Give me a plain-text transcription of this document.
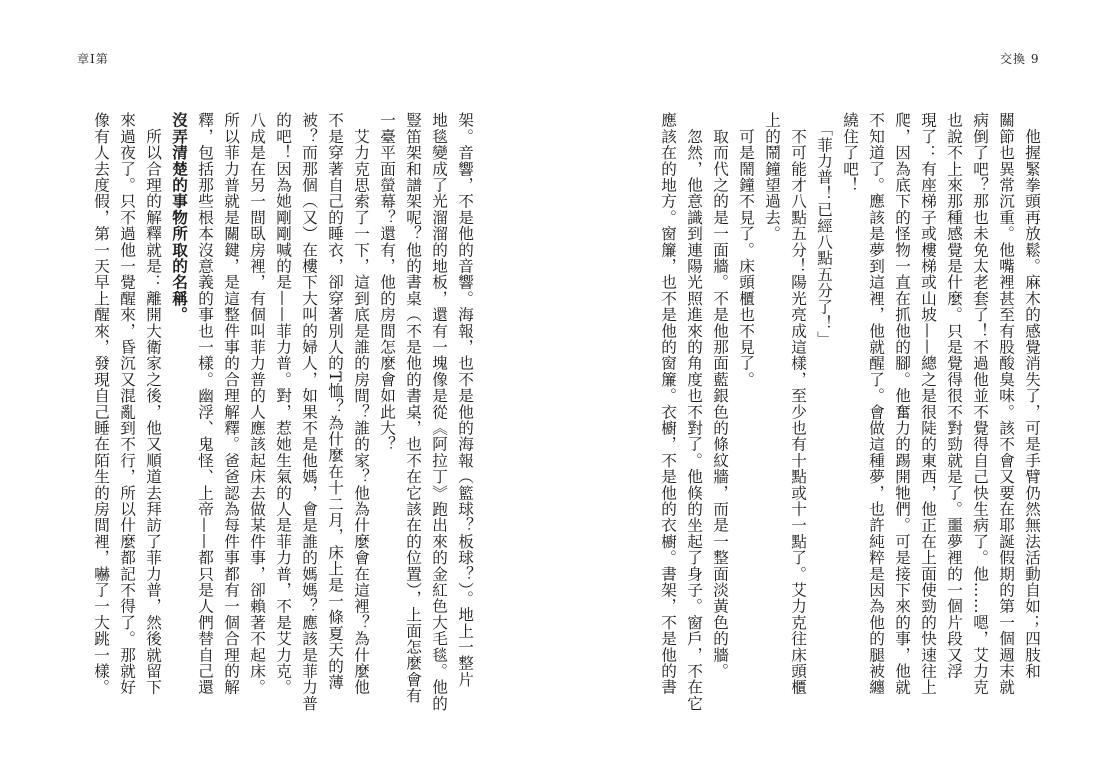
章I第
架。音響，不是他的音響。海報，也不是他的海報（籃球？板球？）。地上一整片
地毯變成了光溜溜的地板，還有一塊像是從《阿拉丁》跑出來的金紅色大毛毯。他的
豎笛架和譜架呢？他的書桌（不是他的書桌，也不在它該在的位置），上面怎麼會有
一臺平面螢幕？還有，他的房間怎麼會如此大？
　艾力克思索了一下，這到底是誰的房間？誰的家？他為什麼會在這裡？為什麼他
不是穿著自己的睡衣，卻穿著別人的T恤？為什麼在十二月，床上是一條夏天的薄
被？而那個（又）在樓下大叫的婦人，如果不是他媽，會是誰的媽媽？應該是菲力普
的吧！因為她剛剛喊的是——菲力普。對，惹她生氣的人是菲力普，不是艾力克。
八成是在另一間臥房裡，有個叫菲力普的人應該起床去做某件事，卻賴著不起床。
所以菲力普就是關鍵，是這整件事的合理解釋。爸爸認為每件事都有一個合理的解
釋，包括那些根本沒意義的事也一樣。幽浮、鬼怪、上帝——都只是人們替自己還
沒弄清楚的事物所取的名稱。
　所以合理的解釋就是：離開大衛家之後，他又順道去拜訪了菲力普，然後就留下
來過夜了。只不過他一覺醒來，昏沉又混亂到不行，所以什麼都記不得了。那就好
像有人去度假，第一天早上醒來，發現自己睡在陌生的房間裡，嚇了一大跳一樣。
交換 9
　他握緊拳頭再放鬆。麻木的感覺消失了，可是手臂仍然無法活動自如；四肢和
關節也異常沉重。他嘴裡甚至有股酸臭味。該不會又要在耶誕假期的第一個週末就
病倒了吧？那也未免太老套了！不過他並不覺得自己快生病了。他……嗯，艾力克
也說不上來那種感覺是什麼。只是覺得很不對勁就是了。噩夢裡的一個片段又浮
現了：有座梯子或樓梯或山坡——總之是很陡的東西，他正在上面使勁的快速往上
爬，因為底下的怪物一直在抓他的腳。他奮力的踢開牠們。可是接下來的事，他就
不知道了。應該是夢到這裡，他就醒了。會做這種夢，也許純粹是因為他的腿被纏
繞住了吧！
　「菲力普！已經八點五分了！」
　不可能才八點五分！陽光亮成這樣，至少也有十點或十一點了。艾力克往床頭櫃
上的鬧鐘望過去。
　可是鬧鐘不見了。床頭櫃也不見了。
　取而代之的是一面牆。不是他那面藍銀色的條紋牆，而是一整面淡黃色的牆。
　忽然，他意識到連陽光照進來的角度也不對了。他倏的坐起了身子。窗戶，不在它
應該在的地方。窗簾，也不是他的窗簾。衣櫥，不是他的衣櫥。書架，不是他的書
